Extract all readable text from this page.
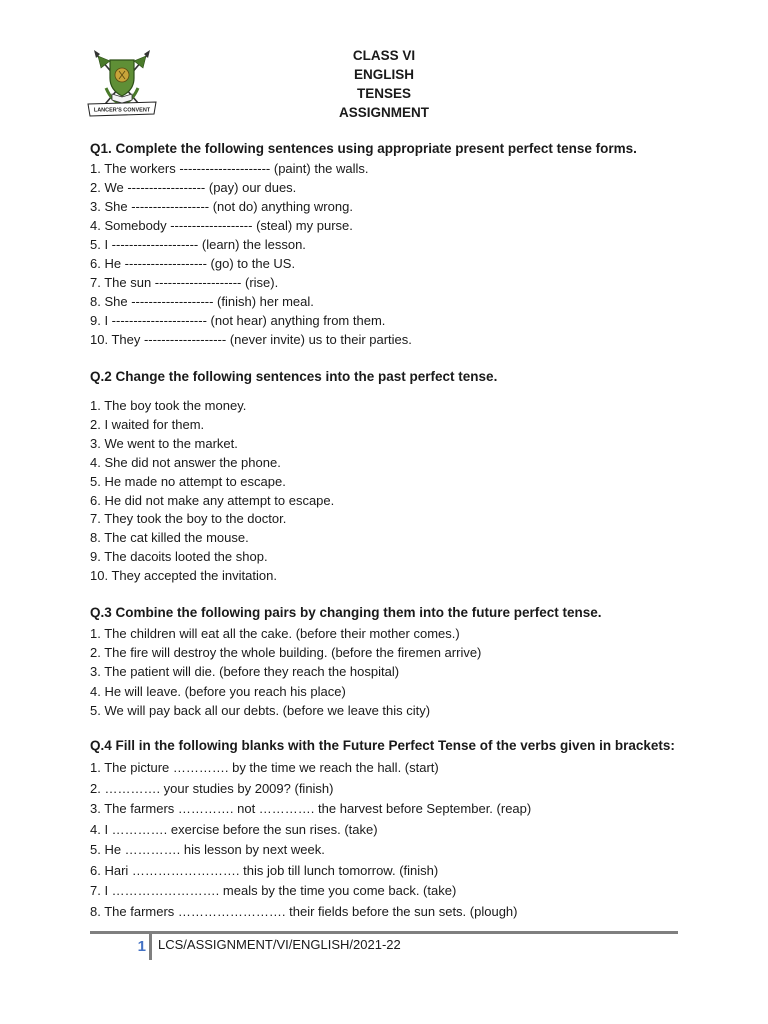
LANCER'S CONVENT
CLASS VI
ENGLISH
TENSES
ASSIGNMENT
Q1. Complete the following sentences using appropriate present perfect tense forms.
1. The workers --------------------- (paint) the walls.
2. We ------------------ (pay) our dues.
3. She ------------------ (not do) anything wrong.
4. Somebody ------------------- (steal) my purse.
5. I -------------------- (learn) the lesson.
6. He ------------------- (go) to the US.
7. The sun -------------------- (rise).
8. She ------------------- (finish) her meal.
9. I ---------------------- (not hear) anything from them.
10. They ------------------- (never invite) us to their parties.
Q.2 Change the following sentences into the past perfect tense.
1. The boy took the money.
2. I waited for them.
3. We went to the market.
4. She did not answer the phone.
5. He made no attempt to escape.
6. He did not make any attempt to escape.
7. They took the boy to the doctor.
8. The cat killed the mouse.
9. The dacoits looted the shop.
10. They accepted the invitation.
Q.3 Combine the following pairs by changing them into the future perfect tense.
1. The children will eat all the cake. (before their mother comes.)
2. The fire will destroy the whole building. (before the firemen arrive)
3. The patient will die. (before they reach the hospital)
4. He will leave. (before you reach his place)
5. We will pay back all our debts. (before we leave this city)
Q.4 Fill in the following blanks with the Future Perfect Tense of the verbs given in brackets:
1. The picture …………. by the time we reach the hall. (start)
2. …………. your studies by 2009? (finish)
3. The farmers …………. not …………. the harvest before September. (reap)
4. I …………. exercise before the sun rises. (take)
5. He …………. his lesson by next week.
6. Hari ……………………. this job till lunch tomorrow. (finish)
7. I ……………………. meals by the time you come back. (take)
8. The farmers ……………………. their fields before the sun sets. (plough)
1 LCS/ASSIGNMENT/VI/ENGLISH/2021-22
